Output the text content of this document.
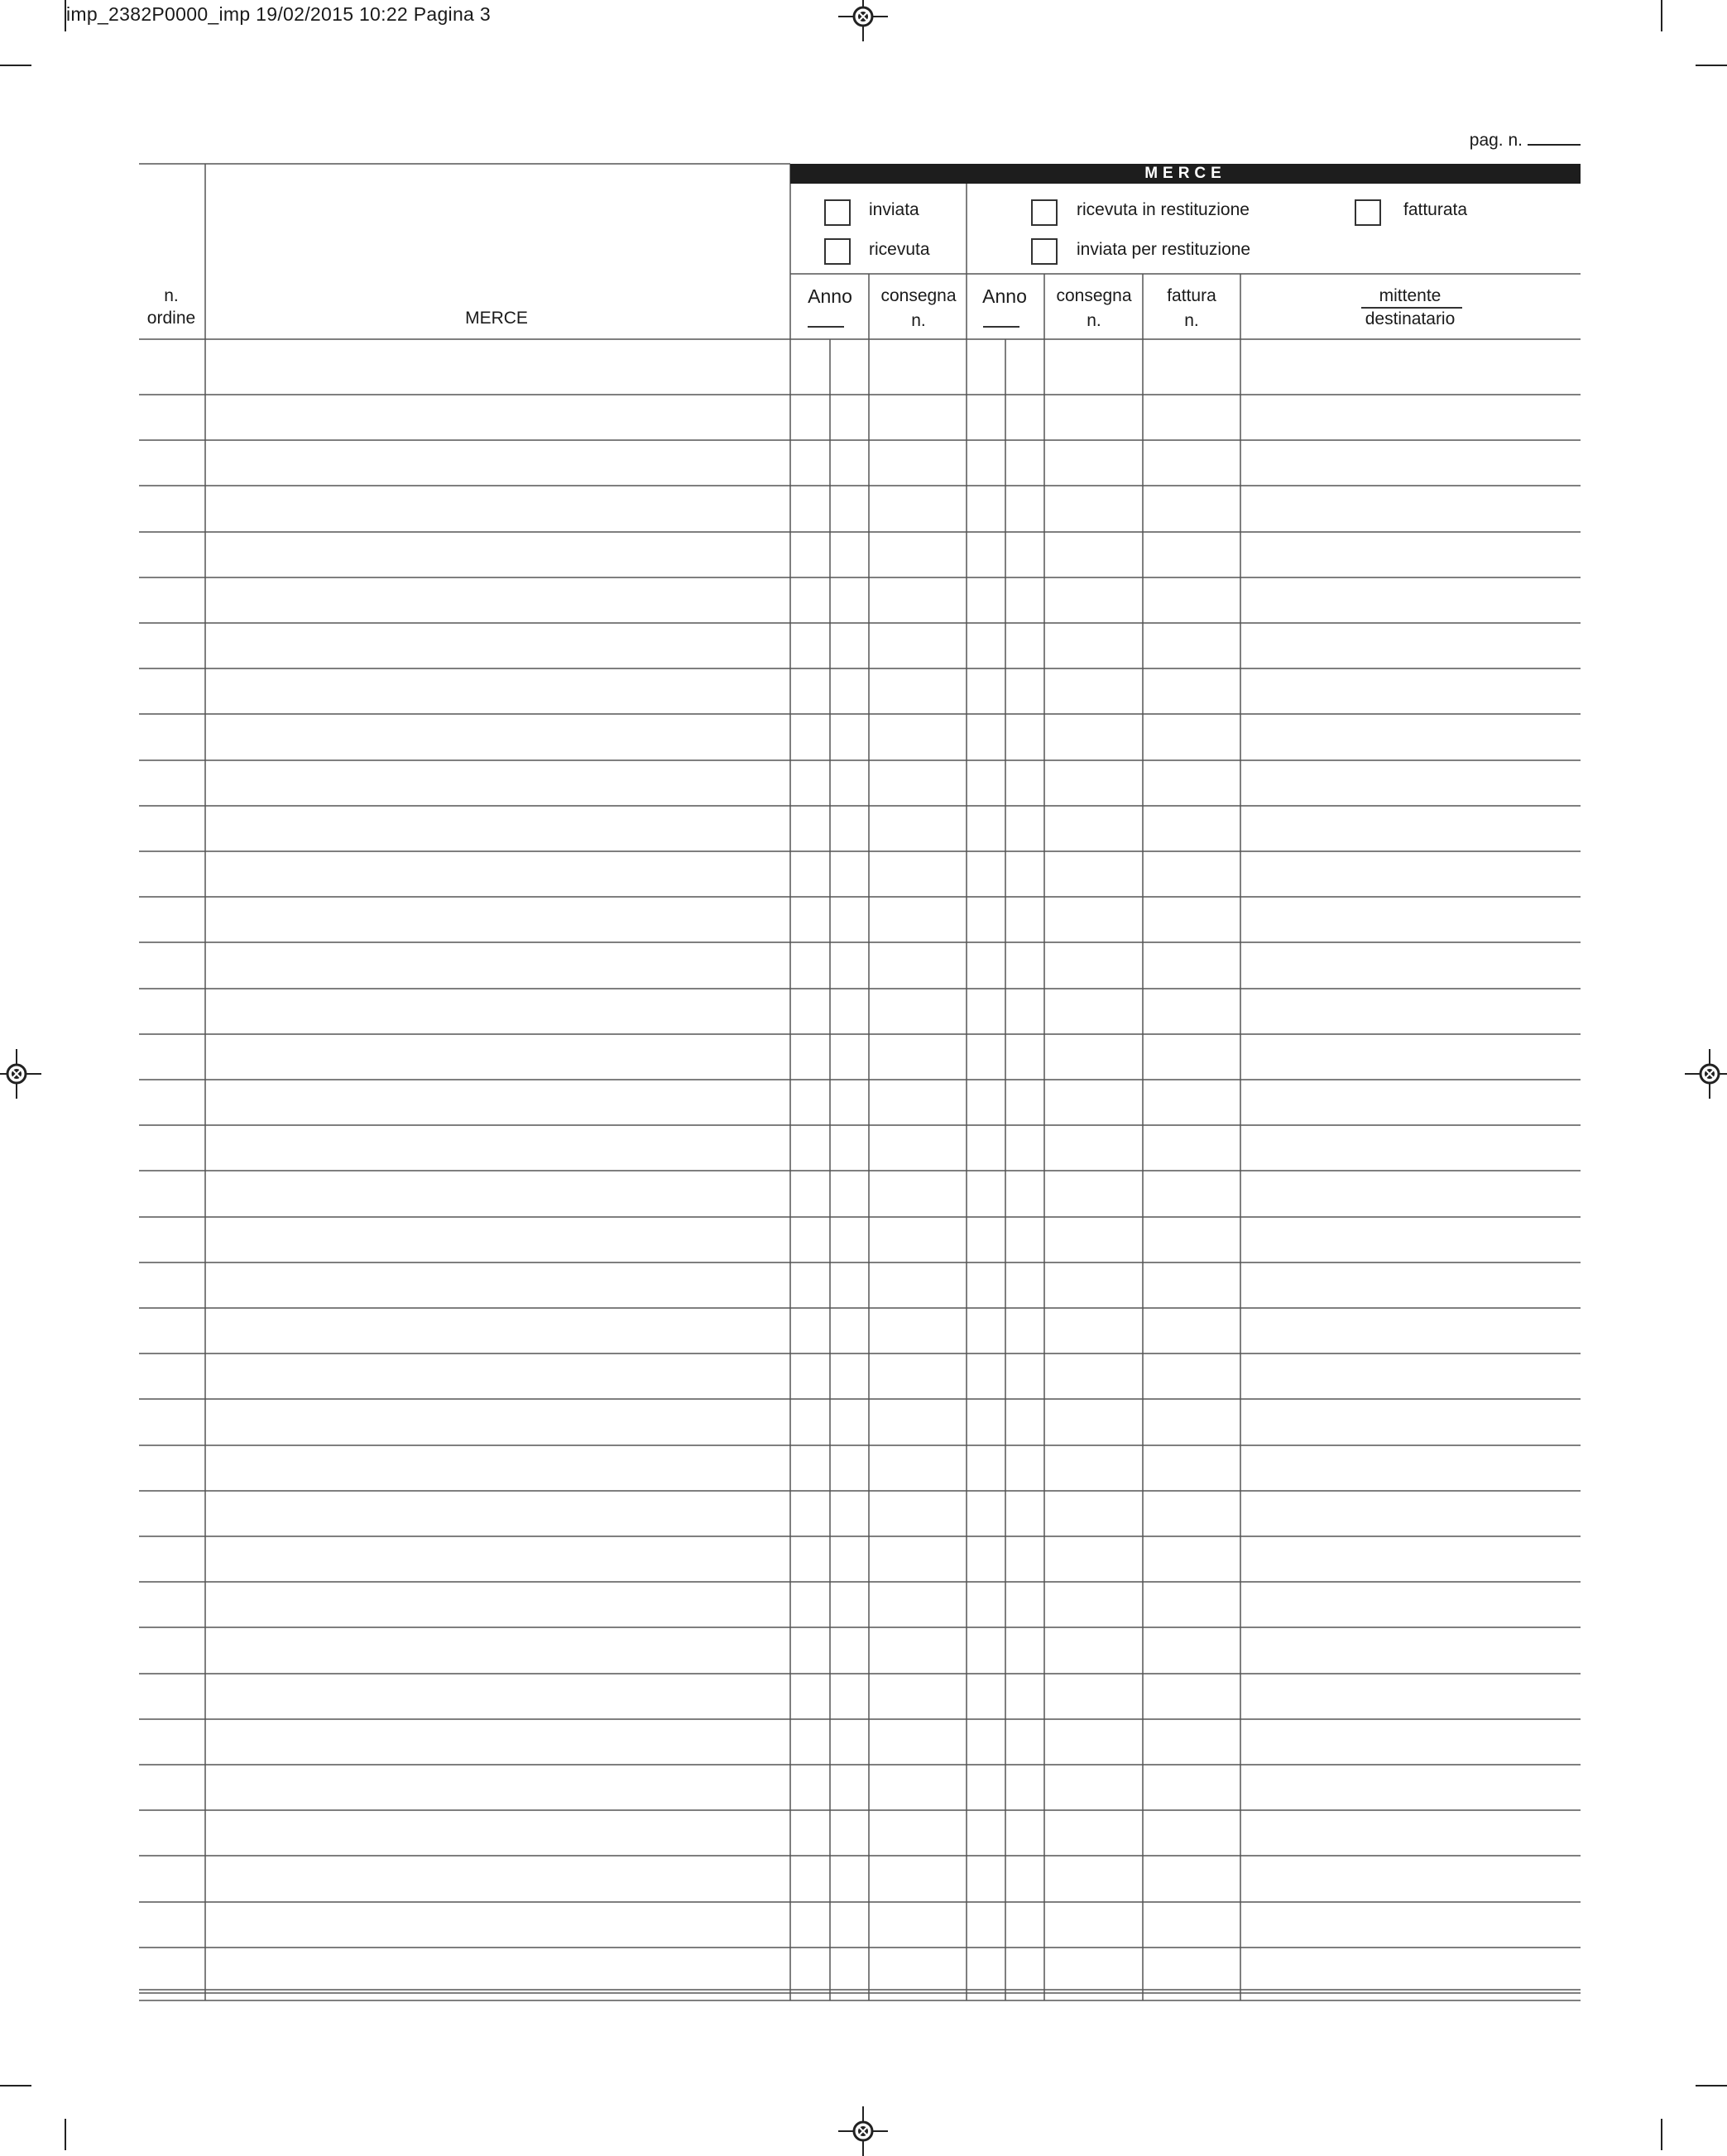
imp_2382P0000_imp 19/02/2015 10:22 Pagina 3
pag. n.
MERCE
inviata
ricevuta
ricevuta in restituzione
inviata per restituzione
fatturata
n.
ordine	MERCE
Anno consegna
n.
Anno consegna
n.
fattura
n.
mittente
destinatario
